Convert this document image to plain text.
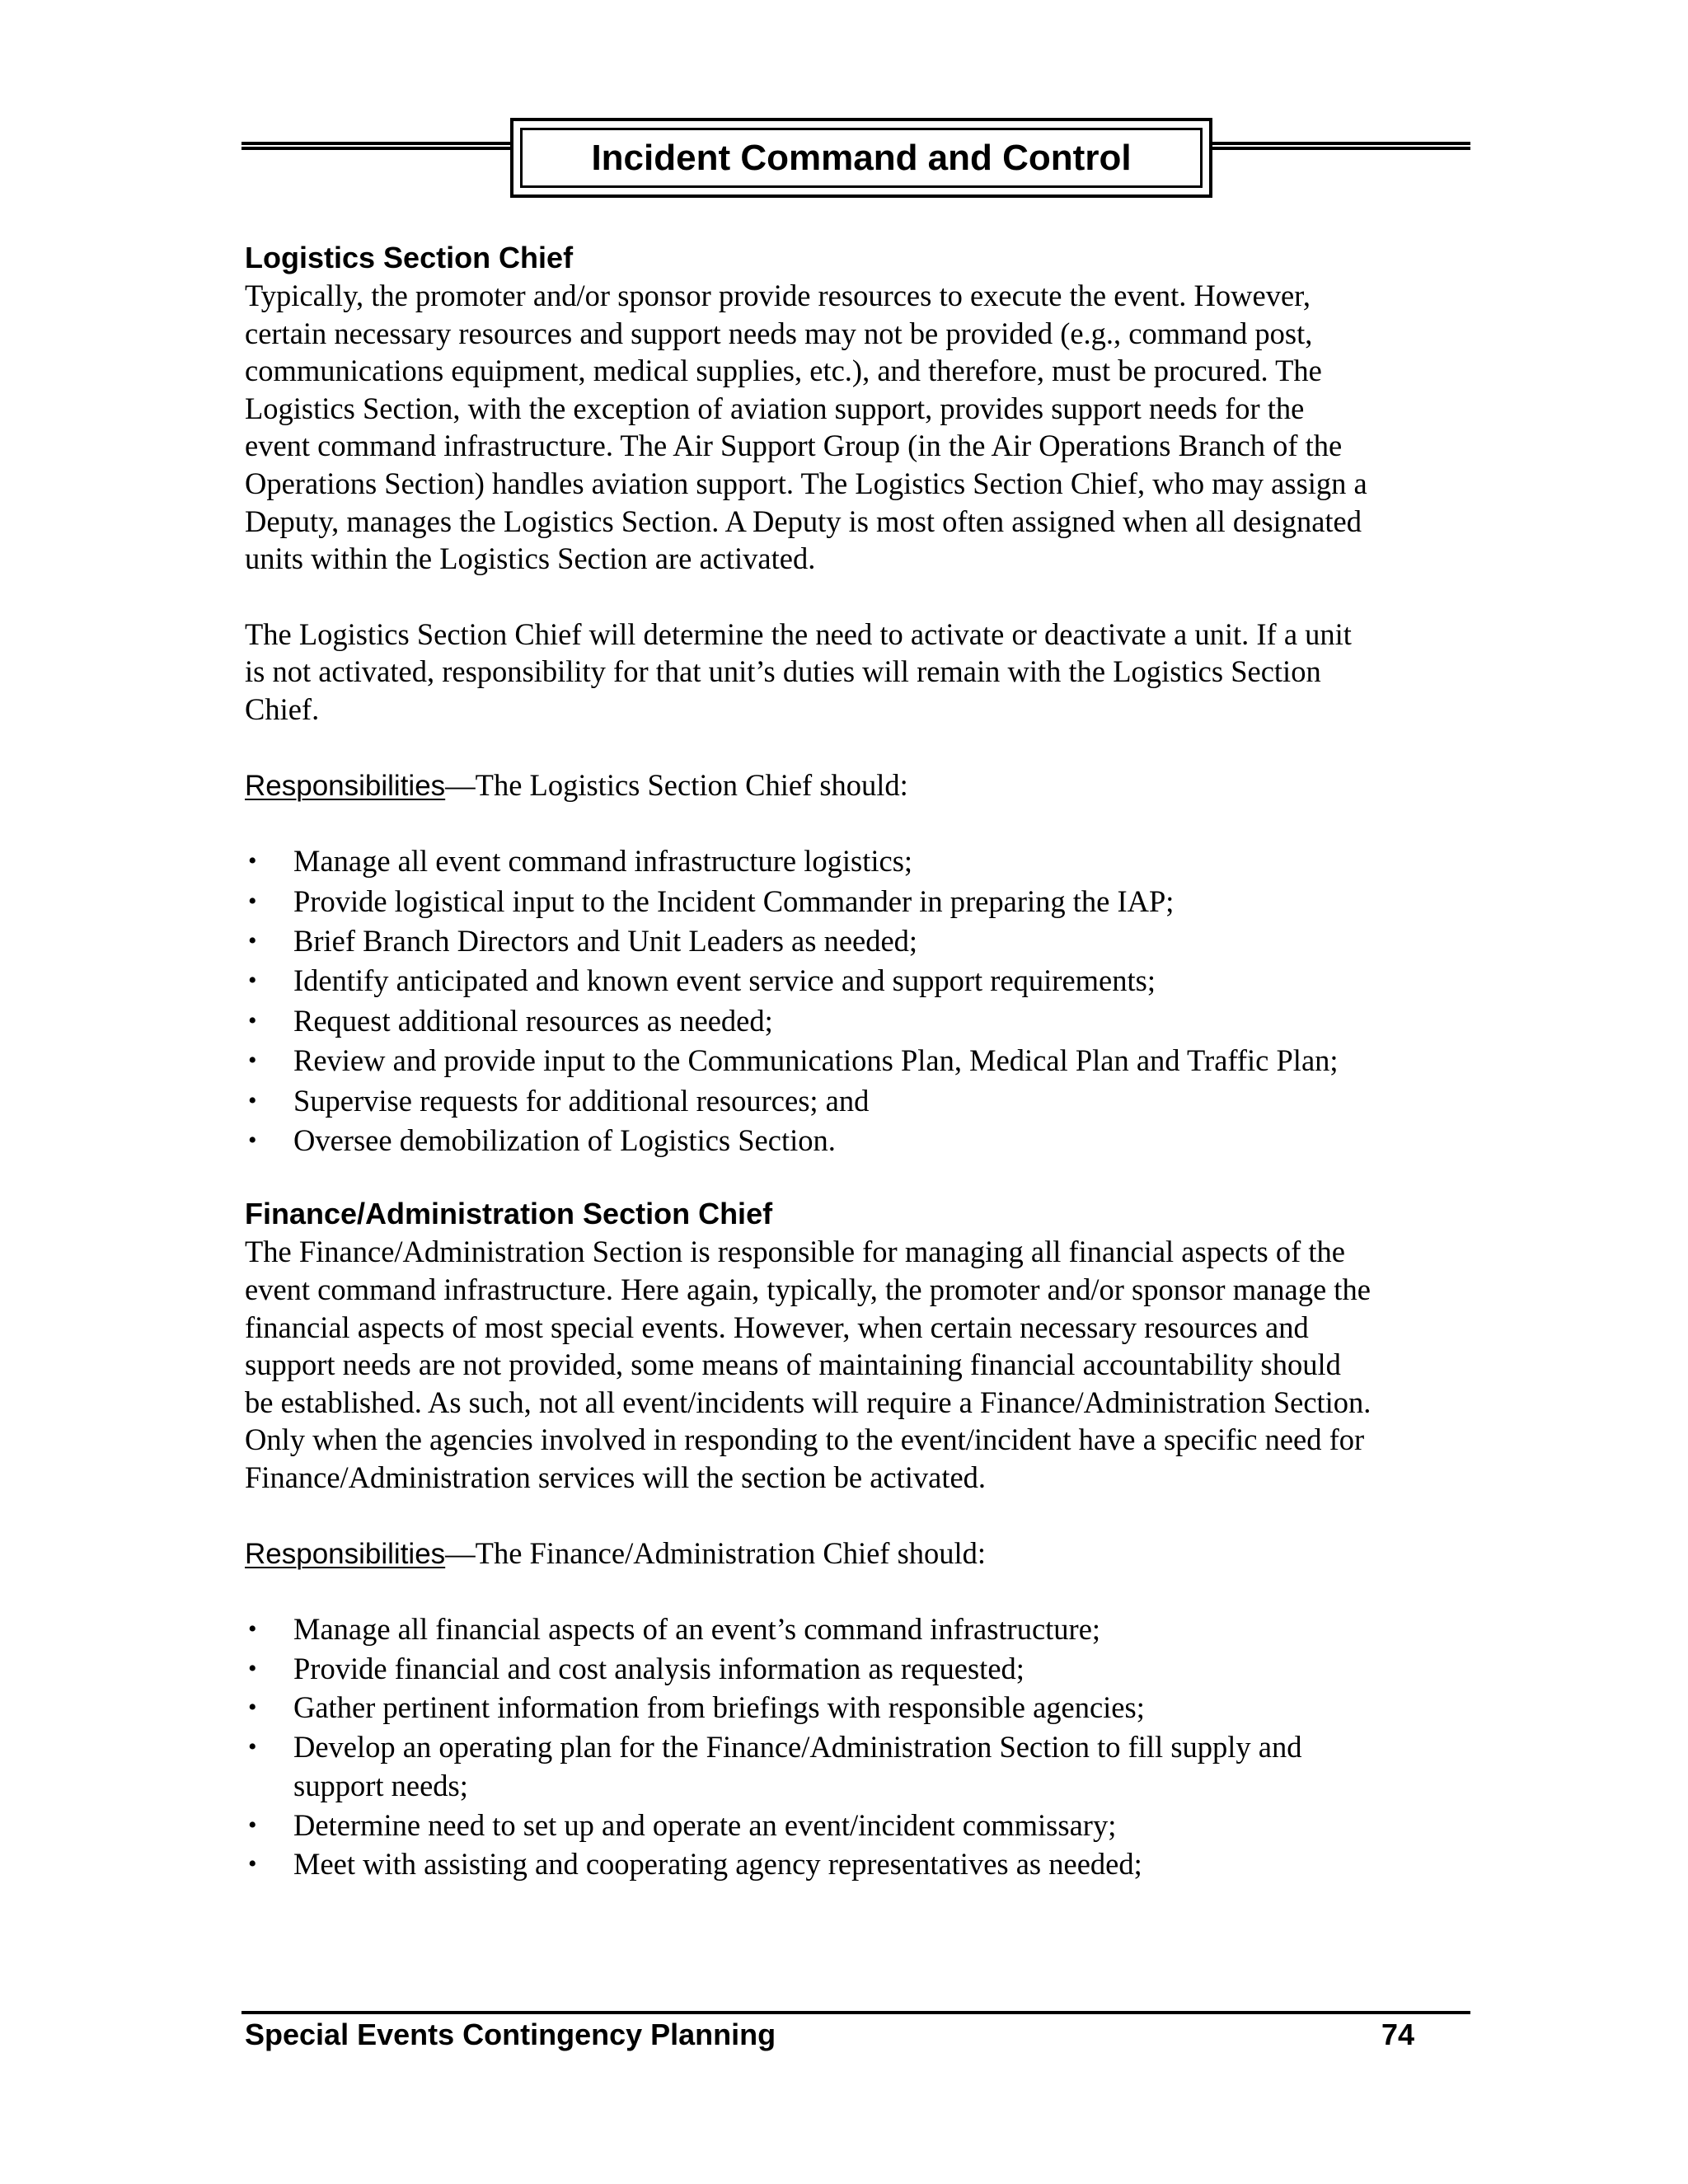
Incident Command and Control
Logistics Section Chief
Typically, the promoter and/or sponsor provide resources to execute the event. However,
certain necessary resources and support needs may not be provided (e.g., command post,
communications equipment, medical supplies, etc.), and therefore, must be procured. The
Logistics Section, with the exception of aviation support, provides support needs for the
event command infrastructure. The Air Support Group (in the Air Operations Branch of the
Operations Section) handles aviation support. The Logistics Section Chief, who may assign a
Deputy, manages the Logistics Section. A Deputy is most often assigned when all designated
units within the Logistics Section are activated.
The Logistics Section Chief will determine the need to activate or deactivate a unit. If a unit
is not activated, responsibility for that unit’s duties will remain with the Logistics Section
Chief.

Responsibilities—The Logistics Section Chief should:

• Manage all event command infrastructure logistics;
• Provide logistical input to the Incident Commander in preparing the IAP;
• Brief Branch Directors and Unit Leaders as needed;
• Identify anticipated and known event service and support requirements;
• Request additional resources as needed;
• Review and provide input to the Communications Plan, Medical Plan and Traffic Plan;
• Supervise requests for additional resources; and
• Oversee demobilization of Logistics Section.
Finance/Administration Section Chief
The Finance/Administration Section is responsible for managing all financial aspects of the
event command infrastructure. Here again, typically, the promoter and/or sponsor manage the
financial aspects of most special events. However, when certain necessary resources and
support needs are not provided, some means of maintaining financial accountability should
be established. As such, not all event/incidents will require a Finance/Administration Section.
Only when the agencies involved in responding to the event/incident have a specific need for
Finance/Administration services will the section be activated.

Responsibilities—The Finance/Administration Chief should:

• Manage all financial aspects of an event’s command infrastructure;
• Provide financial and cost analysis information as requested;
• Gather pertinent information from briefings with responsible agencies;
• Develop an operating plan for the Finance/Administration Section to fill supply and
support needs;
• Determine need to set up and operate an event/incident commissary;
• Meet with assisting and cooperating agency representatives as needed;
Special Events Contingency Planning	74
